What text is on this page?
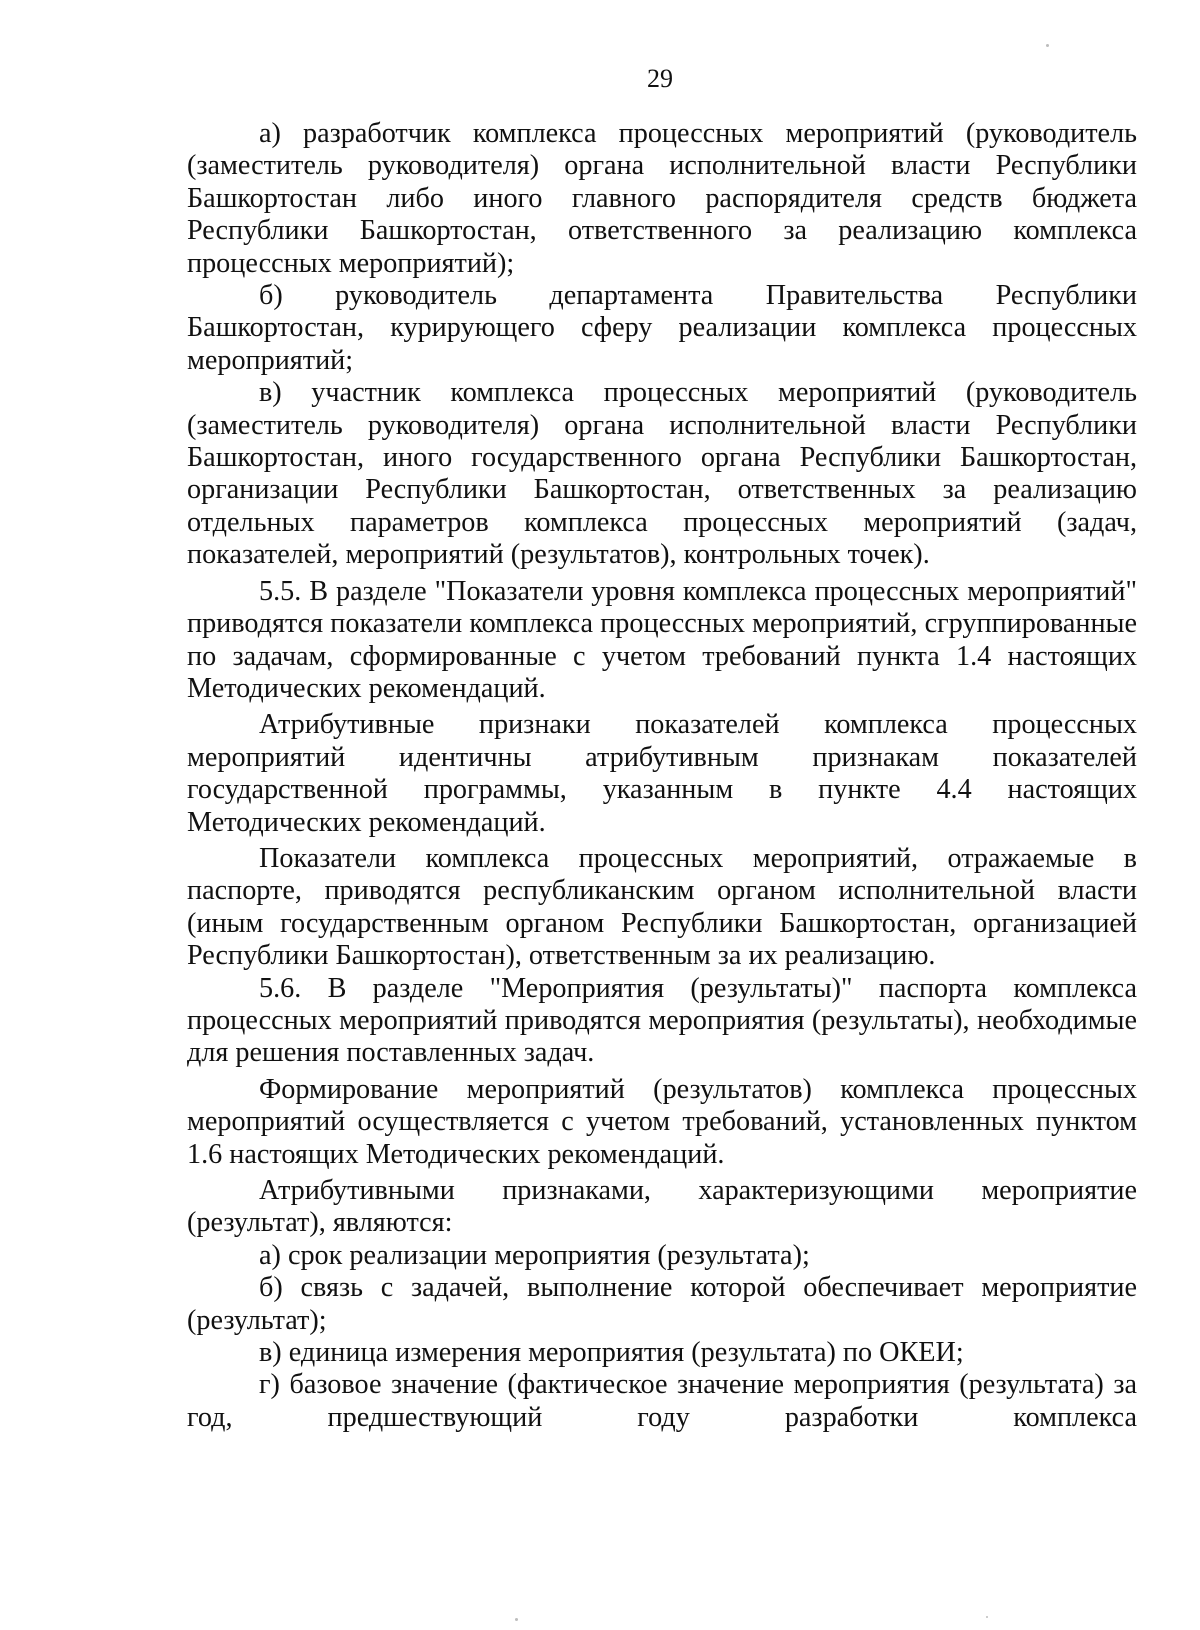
29

а) разработчик комплекса процессных мероприятий (руководитель (заместитель руководителя) органа исполнительной власти Республики Башкортостан либо иного главного распорядителя средств бюджета Республики Башкортостан, ответственного за реализацию комплекса процессных мероприятий);

б) руководитель департамента Правительства Республики Башкортостан, курирующего сферу реализации комплекса процессных мероприятий;

в) участник комплекса процессных мероприятий (руководитель (заместитель руководителя) органа исполнительной власти Республики Башкортостан, иного государственного органа Республики Башкортостан, организации Республики Башкортостан, ответственных за реализацию отдельных параметров комплекса процессных мероприятий (задач, показателей, мероприятий (результатов), контрольных точек).

5.5. В разделе "Показатели уровня комплекса процессных мероприятий" приводятся показатели комплекса процессных мероприятий, сгруппированные по задачам, сформированные с учетом требований пункта 1.4 настоящих Методических рекомендаций.

Атрибутивные признаки показателей комплекса процессных мероприятий идентичны атрибутивным признакам показателей государственной программы, указанным в пункте 4.4 настоящих Методических рекомендаций.

Показатели комплекса процессных мероприятий, отражаемые в паспорте, приводятся республиканским органом исполнительной власти (иным государственным органом Республики Башкортостан, организацией Республики Башкортостан), ответственным за их реализацию.

5.6. В разделе "Мероприятия (результаты)" паспорта комплекса процессных мероприятий приводятся мероприятия (результаты), необходимые для решения поставленных задач.

Формирование мероприятий (результатов) комплекса процессных мероприятий осуществляется с учетом требований, установленных пунктом 1.6 настоящих Методических рекомендаций.

Атрибутивными признаками, характеризующими мероприятие (результат), являются:

а) срок реализации мероприятия (результата);

б) связь с задачей, выполнение которой обеспечивает мероприятие (результат);

в) единица измерения мероприятия (результата) по ОКЕИ;

г) базовое значение (фактическое значение мероприятия (результата) за год, предшествующий году разработки комплекса
